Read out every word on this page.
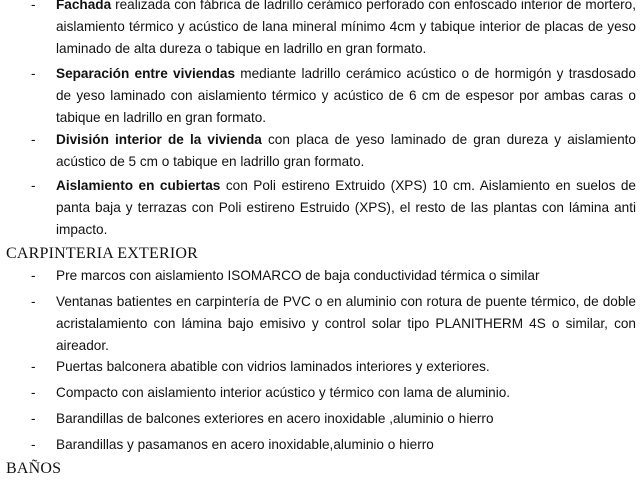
- Fachada realizada con fábrica de ladrillo cerámico perforado con enfoscado interior de mortero, aislamiento térmico y acústico de lana mineral mínimo 4cm y tabique interior de placas de yeso laminado de alta dureza o tabique en ladrillo en gran formato.
- Separación entre viviendas mediante ladrillo cerámico acústico o de hormigón y trasdosado de yeso laminado con aislamiento térmico y acústico de 6 cm de espesor por ambas caras o tabique en ladrillo en gran formato.
- División interior de la vivienda con placa de yeso laminado de gran dureza y aislamiento acústico de 5 cm o tabique en ladrillo gran formato.
- Aislamiento en cubiertas con Poli estireno Extruido (XPS) 10 cm. Aislamiento en suelos de panta baja y terrazas con Poli estireno Estruido (XPS), el resto de las plantas con lámina anti impacto.
CARPINTERIA EXTERIOR
- Pre marcos con aislamiento ISOMARCO de baja conductividad térmica o similar
- Ventanas batientes en carpintería de PVC o en aluminio con rotura de puente térmico, de doble acristalamiento con lámina bajo emisivo y control solar tipo PLANITHERM 4S o similar, con aireador.
- Puertas balconera abatible con vidrios laminados interiores y exteriores.
- Compacto con aislamiento interior acústico y térmico con lama de aluminio.
- Barandillas de balcones exteriores en acero inoxidable ,aluminio o hierro
- Barandillas y pasamanos en acero inoxidable,aluminio o hierro
BAÑOS
